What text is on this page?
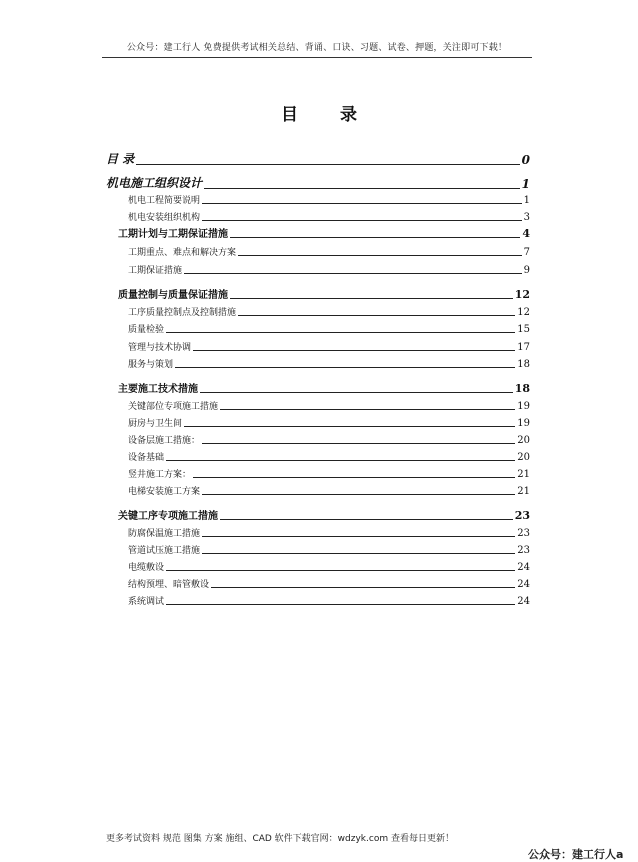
公众号：建工行人 免费提供考试相关总结、背诵、口诀、习题、试卷、押题，关注即可下载！
目 录
目 录	0
机电施工组织设计	1
机电工程简要说明	1
机电安装组织机构	3
工期计划与工期保证措施	4
工期重点、难点和解决方案	7
工期保证措施	9
质量控制与质量保证措施	12
工序质量控制点及控制措施	12
质量检验	15
管理与技术协调	17
服务与策划	18
主要施工技术措施	18
关键部位专项施工措施	19
厨房与卫生间	19
设备层施工措施：	20
设备基础	20
竖井施工方案：	21
电梯安装施工方案	21
关键工序专项施工措施	23
防腐保温施工措施	23
管道试压施工措施	23
电缆敷设	24
结构预埋、暗管敷设	24
系统调试	24
更多考试资料 规范 图集 方案 施组、CAD 软件下载官网：wdzyk.com 查看每日更新！
公众号：建工行人a
